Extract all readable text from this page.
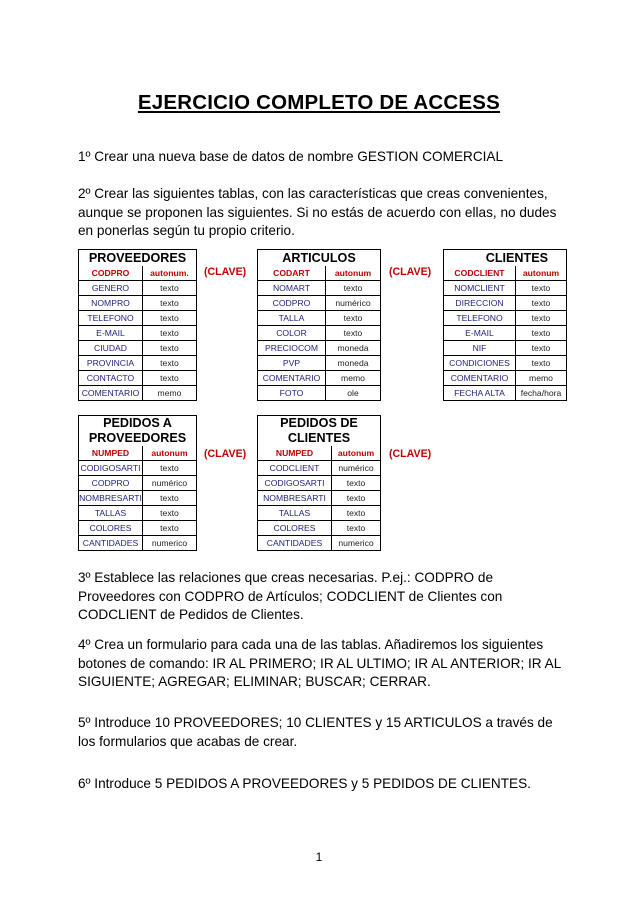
EJERCICIO COMPLETO DE ACCESS
1º Crear una nueva base de datos de nombre GESTION COMERCIAL
2º Crear las siguientes tablas, con las características que creas convenientes, aunque se proponen las siguientes. Si no estás de acuerdo con ellas, no dudes en ponerlas según tu propio criterio.
PROVEEDORES	
CODPRO	autonum.
GENERO	texto
NOMPRO	texto
TELEFONO	texto
E-MAIL	texto
CIUDAD	texto
PROVINCIA	texto
CONTACTO	texto
COMENTARIO	memo
(CLAVE)
ARTICULOS	
CODART	autonum
NOMART	texto
CODPRO	numérico
TALLA	texto
COLOR	texto
PRECIOCOM	moneda
PVP	moneda
COMENTARIO	memo
FOTO	ole
(CLAVE)
CLIENTES	
CODCLIENT	autonum
NOMCLIENT	texto
DIRECCION	texto
TELEFONO	texto
E-MAIL	texto
NIF	texto
CONDICIONES	texto
COMENTARIO	memo
FECHA ALTA	fecha/hora
PEDIDOS A PROVEEDORES	
NUMPED	autonum
CODIGOSARTI	texto
CODPRO	numérico
NOMBRESARTI	texto
TALLAS	texto
COLORES	texto
CANTIDADES	numerico
(CLAVE)
PEDIDOS DE CLIENTES	
NUMPED	autonum
CODCLIENT	numérico
CODIGOSARTI	texto
NOMBRESARTI	texto
TALLAS	texto
COLORES	texto
CANTIDADES	numerico
(CLAVE)
3º Establece las relaciones que creas necesarias. P.ej.: CODPRO de Proveedores con CODPRO de Artículos; CODCLIENT de Clientes con CODCLIENT de Pedidos de Clientes.
4º Crea un formulario para cada una de las tablas. Añadiremos los siguientes botones de comando: IR AL PRIMERO; IR AL ULTIMO; IR AL ANTERIOR; IR AL SIGUIENTE; AGREGAR; ELIMINAR; BUSCAR; CERRAR.
5º Introduce 10 PROVEEDORES; 10 CLIENTES y 15 ARTICULOS a través de los formularios que acabas de crear.
6º Introduce 5 PEDIDOS A PROVEEDORES y 5 PEDIDOS DE CLIENTES.
1
